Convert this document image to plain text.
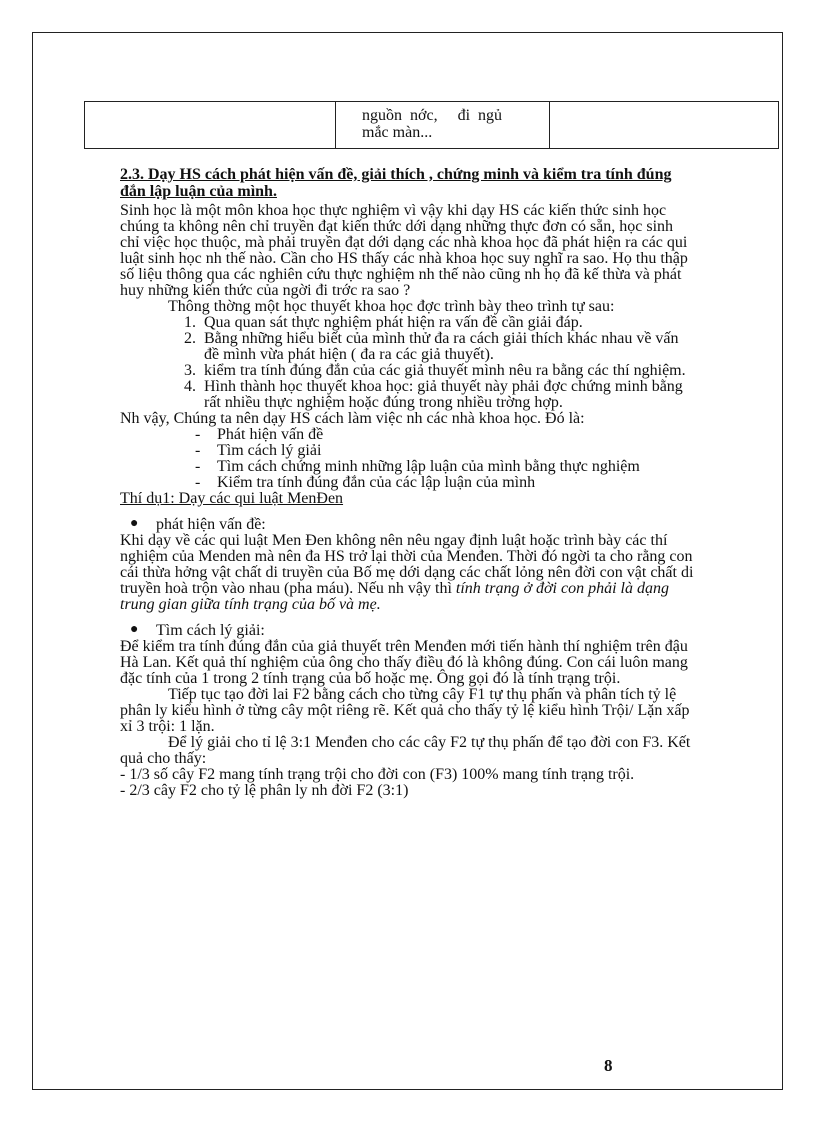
nguồn  nớc,     đi  ngủ
mắc màn...

2.3. Dạy HS cách phát hiện vấn đề, giải thích , chứng minh và kiểm tra tính đúng đắn lập luận của mình.

Sinh học là một môn khoa học thực nghiệm vì vậy khi dạy HS các kiến thức sinh học chúng ta không nên chỉ truyền đạt kiến thức dới dạng những thực đơn có sẵn, học sinh chỉ việc học thuộc, mà phải truyền đạt dới dạng các nhà khoa học đã phát hiện ra các qui luật sinh học nh thế nào. Cần cho HS thấy các nhà khoa học suy nghĩ ra sao. Họ thu thập số liệu thông qua các nghiên cứu thực nghiệm nh thế nào cũng nh họ đã kế thừa và phát huy những kiến thức của ngời đi trớc ra sao ?

Thông thờng một học thuyết khoa học đợc trình bày theo trình tự sau:

1. Qua quan sát thực nghiệm phát hiện ra vấn đề cần giải đáp.
2. Bằng những hiểu biết của mình thử đa ra cách giải thích khác nhau về vấn đề mình vừa phát hiện ( đa ra các giả thuyết).
3. kiểm tra tính đúng đắn của các giả thuyết mình nêu ra bằng các thí nghiệm.
4. Hình thành học thuyết khoa học: giả thuyết này phải đợc chứng minh bằng rất nhiều thực nghiệm hoặc đúng trong nhiều trờng hợp.

Nh vậy, Chúng ta nên dạy HS cách làm việc nh các nhà khoa học. Đó là:

- Phát hiện vấn đề
- Tìm cách lý giải
- Tìm cách chứng minh những lập luận của mình bằng thực nghiệm
- Kiểm tra tính đúng đắn của các lập luận của mình

Thí dụ1: Dạy các qui luật MenĐen

● phát hiện vấn đề:

Khi dạy về các qui luật Men Đen không nên nêu ngay định luật hoặc trình bày các thí nghiệm của Menden mà nên đa HS trở lại thời của Menđen. Thời đó ngời ta cho rằng con cái thừa hởng vật chất di truyền của Bố mẹ dới dạng các chất lỏng nên đời con vật chất di truyền hoà trộn vào nhau (pha máu). Nếu nh vậy thì tính trạng ở đời con phải là dạng trung gian giữa tính trạng của bố và mẹ.

● Tìm cách lý giải:

Để kiểm tra tính đúng đắn của giả thuyết trên Menđen mới tiến hành thí nghiệm trên đậu Hà Lan. Kết quả thí nghiệm của ông cho thấy điều đó là không đúng. Con cái luôn mang đặc tính của 1 trong 2 tính trạng của bố hoặc mẹ. Ông gọi đó là tính trạng trội.

Tiếp tục tạo đời lai F2 bằng cách cho từng cây F1 tự thụ phấn và phân tích tỷ lệ phân ly kiểu hình ở từng cây một riêng rẽ. Kết quả cho thấy tỷ lệ kiểu hình Trội/ Lặn xấp xỉ 3 trội: 1 lặn.

Để lý giải cho tỉ lệ 3:1 Menđen cho các cây F2 tự thụ phấn để tạo đời con F3. Kết quả cho thấy:

- 1/3 số cây F2 mang tính trạng trội cho đời con (F3) 100% mang tính trạng trội.

- 2/3 cây F2 cho tỷ lệ phân ly nh đời F2 (3:1)

8
